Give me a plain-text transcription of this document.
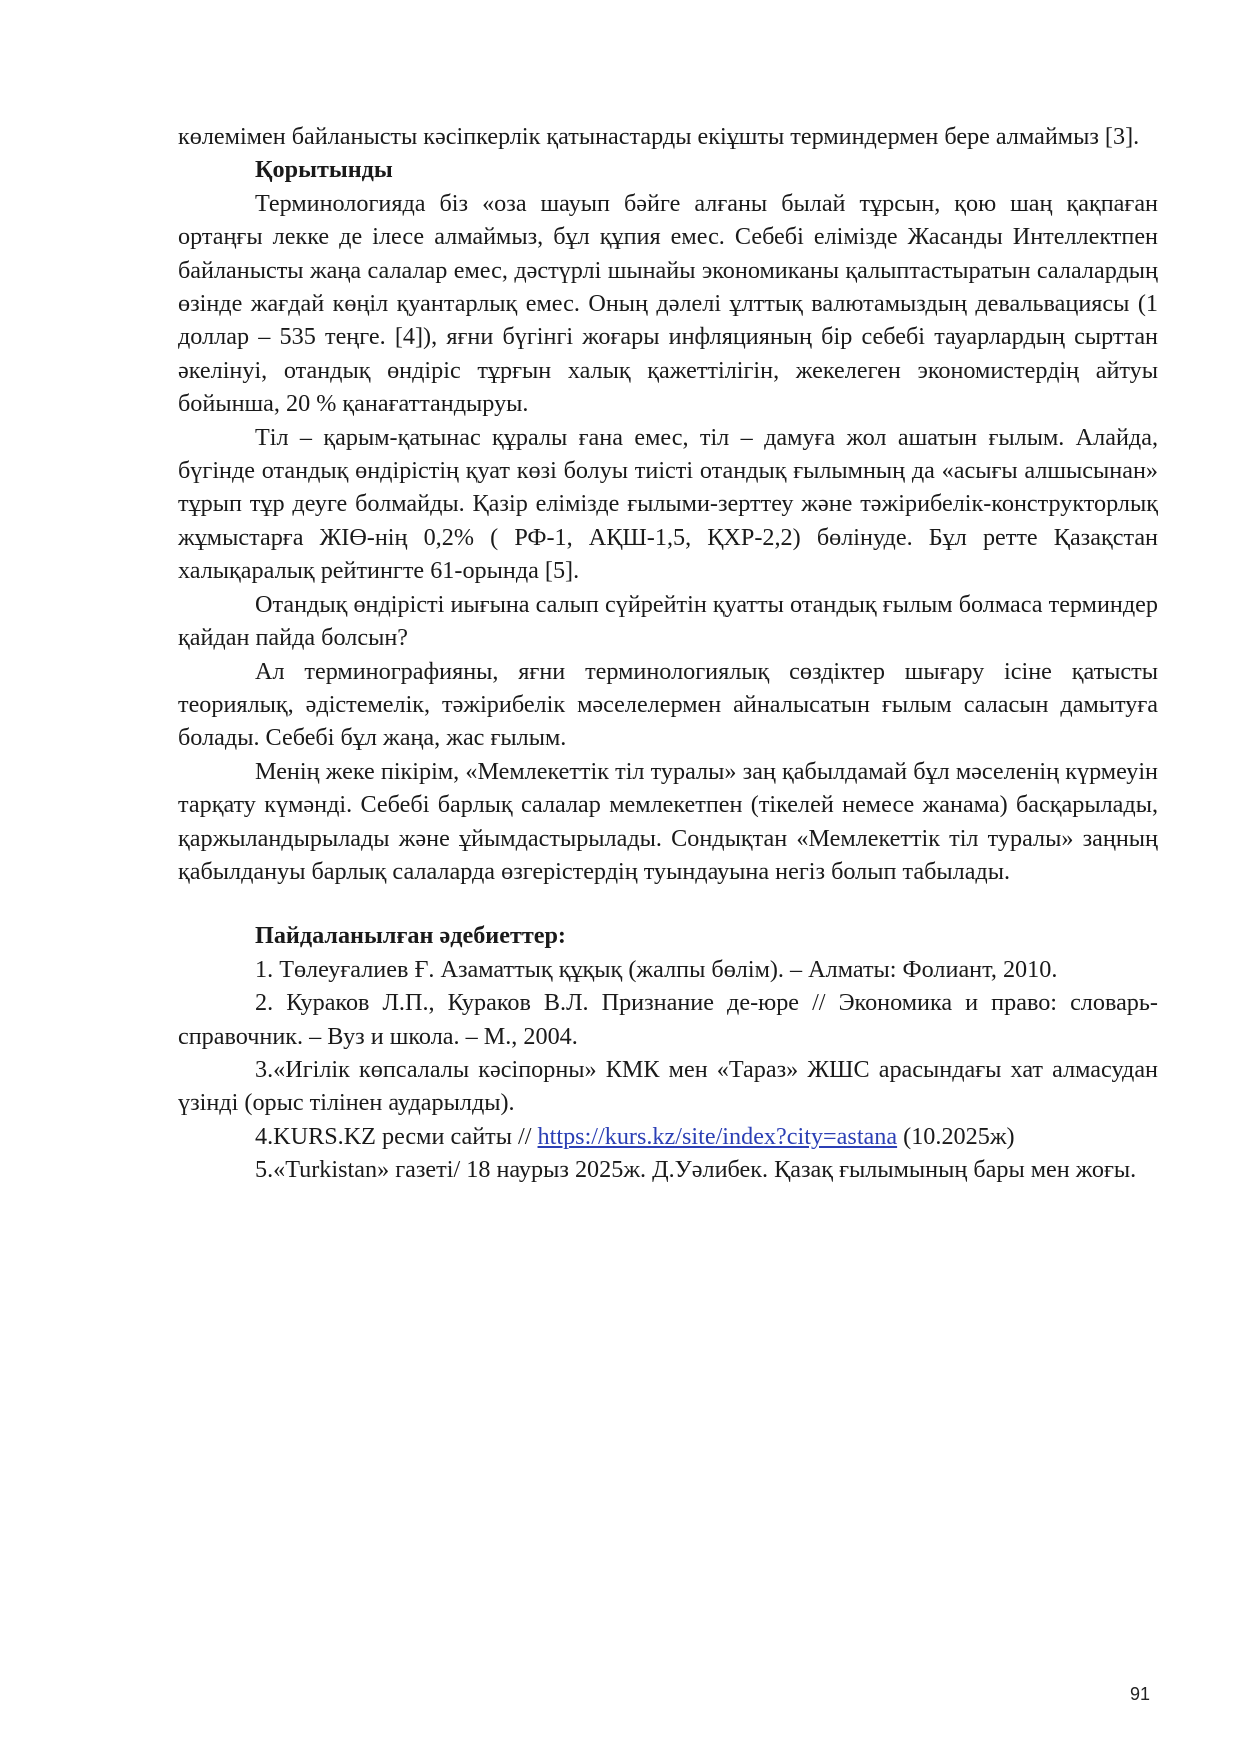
көлемімен байланысты кәсіпкерлік қатынастарды екіұшты терминдермен бере алмаймыз [3].

Қорытынды

Терминологияда біз «оза шауып бәйге алғаны былай тұрсын, қою шаң қақпаған ортаңғы лекке де ілесе алмаймыз, бұл құпия емес. Себебі елімізде Жасанды Интеллектпен байланысты жаңа салалар емес, дәстүрлі шынайы экономиканы қалыптастыратын салалардың өзінде жағдай көңіл қуантарлық емес. Оның дәлелі ұлттық валютамыздың девальвациясы (1 доллар – 535 теңге. [4]), яғни бүгінгі жоғары инфляцияның бір себебі тауарлардың сырттан әкелінуі, отандық өндіріс тұрғын халық қажеттілігін, жекелеген экономистердің айтуы бойынша, 20 % қанағаттандыруы.

Тіл – қарым-қатынас құралы ғана емес, тіл – дамуға жол ашатын ғылым. Алайда, бүгінде отандық өндірістің қуат көзі болуы тиісті отандық ғылымның да «асығы алшысынан» тұрып тұр деуге болмайды. Қазір елімізде ғылыми-зерттеу және тәжірибелік-конструкторлық жұмыстарға ЖІӨ-нің 0,2% ( РФ-1, АҚШ-1,5, ҚХР-2,2) бөлінуде. Бұл ретте Қазақстан халықаралық рейтингте 61-орында [5].

Отандық өндірісті иығына салып сүйрейтін қуатты отандық ғылым болмаса терминдер қайдан пайда болсын?

Ал терминографияны, яғни терминологиялық сөздіктер шығару ісіне қатысты теориялық, әдістемелік, тәжірибелік мәселелермен айналысатын ғылым саласын дамытуға болады. Себебі бұл жаңа, жас ғылым.

Менің жеке пікірім, «Мемлекеттік тіл туралы» заң қабылдамай бұл мәселенің күрмеуін тарқату күмәнді. Себебі барлық салалар мемлекетпен (тікелей немесе жанама) басқарылады, қаржыландырылады және ұйымдастырылады. Сондықтан «Мемлекеттік тіл туралы» заңның қабылдануы барлық салаларда өзгерістердің туындауына негіз болып табылады.

Пайдаланылған әдебиеттер:

1. Төлеуғалиев Ғ. Азаматтық құқық (жалпы бөлім). – Алматы: Фолиант, 2010.

2. Кураков Л.П., Кураков В.Л. Признание де-юре // Экономика и право: словарь-справочник. – Вуз и школа. – М., 2004.

3.«Игілік көпсалалы кәсіпорны» КМК мен «Тараз» ЖШС арасындағы хат алмасудан үзінді (орыс тілінен аударылды).

4.KURS.KZ ресми сайты // https://kurs.kz/site/index?city=astana (10.2025ж)

5.«Turkistan» газеті/ 18 наурыз 2025ж. Д.Уәлибек. Қазақ ғылымының бары мен жоғы.

91
